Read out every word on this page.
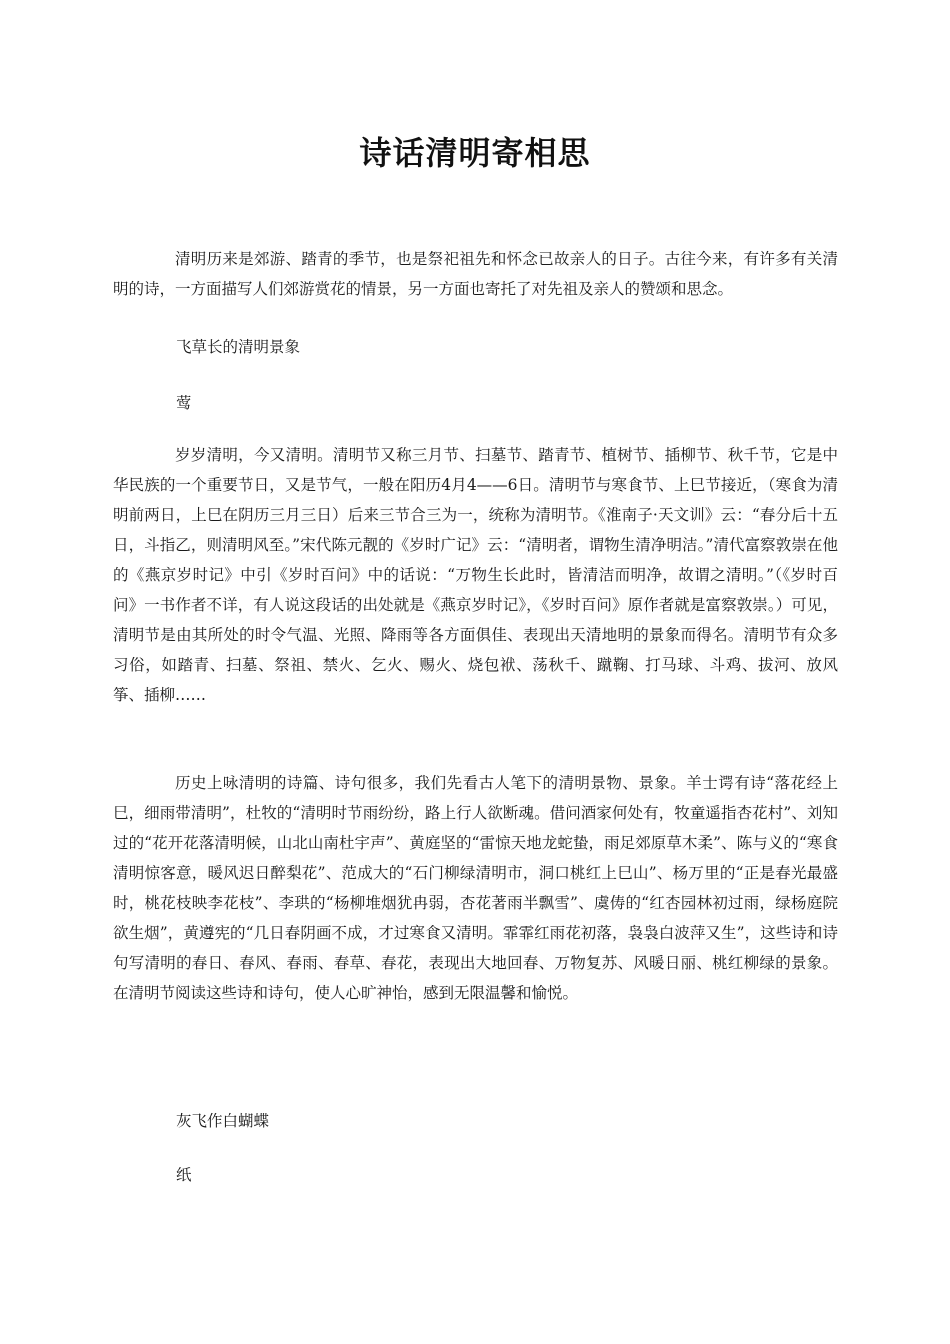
诗话清明寄相思

清明历来是郊游、踏青的季节，也是祭祀祖先和怀念已故亲人的日子。古往今来，有许多有关清明的诗，一方面描写人们郊游赏花的情景，另一方面也寄托了对先祖及亲人的赞颂和思念。

飞草长的清明景象

莺

岁岁清明，今又清明。清明节又称三月节、扫墓节、踏青节、植树节、插柳节、秋千节，它是中华民族的一个重要节日，又是节气，一般在阳历4月4——6日。清明节与寒食节、上巳节接近，（寒食为清明前两日，上巳在阴历三月三日）后来三节合三为一，统称为清明节。《淮南子·天文训》云：“春分后十五日，斗指乙，则清明风至。”宋代陈元靓的《岁时广记》云：“清明者，谓物生清净明洁。”清代富察敦崇在他的《燕京岁时记》中引《岁时百问》中的话说：“万物生长此时，皆清洁而明净，故谓之清明。”（《岁时百问》一书作者不详，有人说这段话的出处就是《燕京岁时记》，《岁时百问》原作者就是富察敦崇。）可见，清明节是由其所处的时令气温、光照、降雨等各方面俱佳、表现出天清地明的景象而得名。清明节有众多习俗，如踏青、扫墓、祭祖、禁火、乞火、赐火、烧包袱、荡秋千、蹴鞠、打马球、斗鸡、拔河、放风筝、插柳……

历史上咏清明的诗篇、诗句很多，我们先看古人笔下的清明景物、景象。羊士谔有诗“落花经上巳，细雨带清明”，杜牧的“清明时节雨纷纷，路上行人欲断魂。借问酒家何处有，牧童遥指杏花村”、刘知过的“花开花落清明候，山北山南杜宇声”、黄庭坚的“雷惊天地龙蛇蛰，雨足郊原草木柔”、陈与义的“寒食清明惊客意，暖风迟日醉梨花”、范成大的“石门柳绿清明市，洞口桃红上巳山”、杨万里的“正是春光最盛时，桃花枝映李花枝”、李珙的“杨柳堆烟犹冉弱，杏花著雨半飘雪”、虞俦的“红杏园林初过雨，绿杨庭院欲生烟”，黄遵宪的“几日春阴画不成，才过寒食又清明。霏霏红雨花初落，袅袅白波萍又生”，这些诗和诗句写清明的春日、春风、春雨、春草、春花，表现出大地回春、万物复苏、风暖日丽、桃红柳绿的景象。在清明节阅读这些诗和诗句，使人心旷神怡，感到无限温馨和愉悦。

灰飞作白蝴蝶

纸
